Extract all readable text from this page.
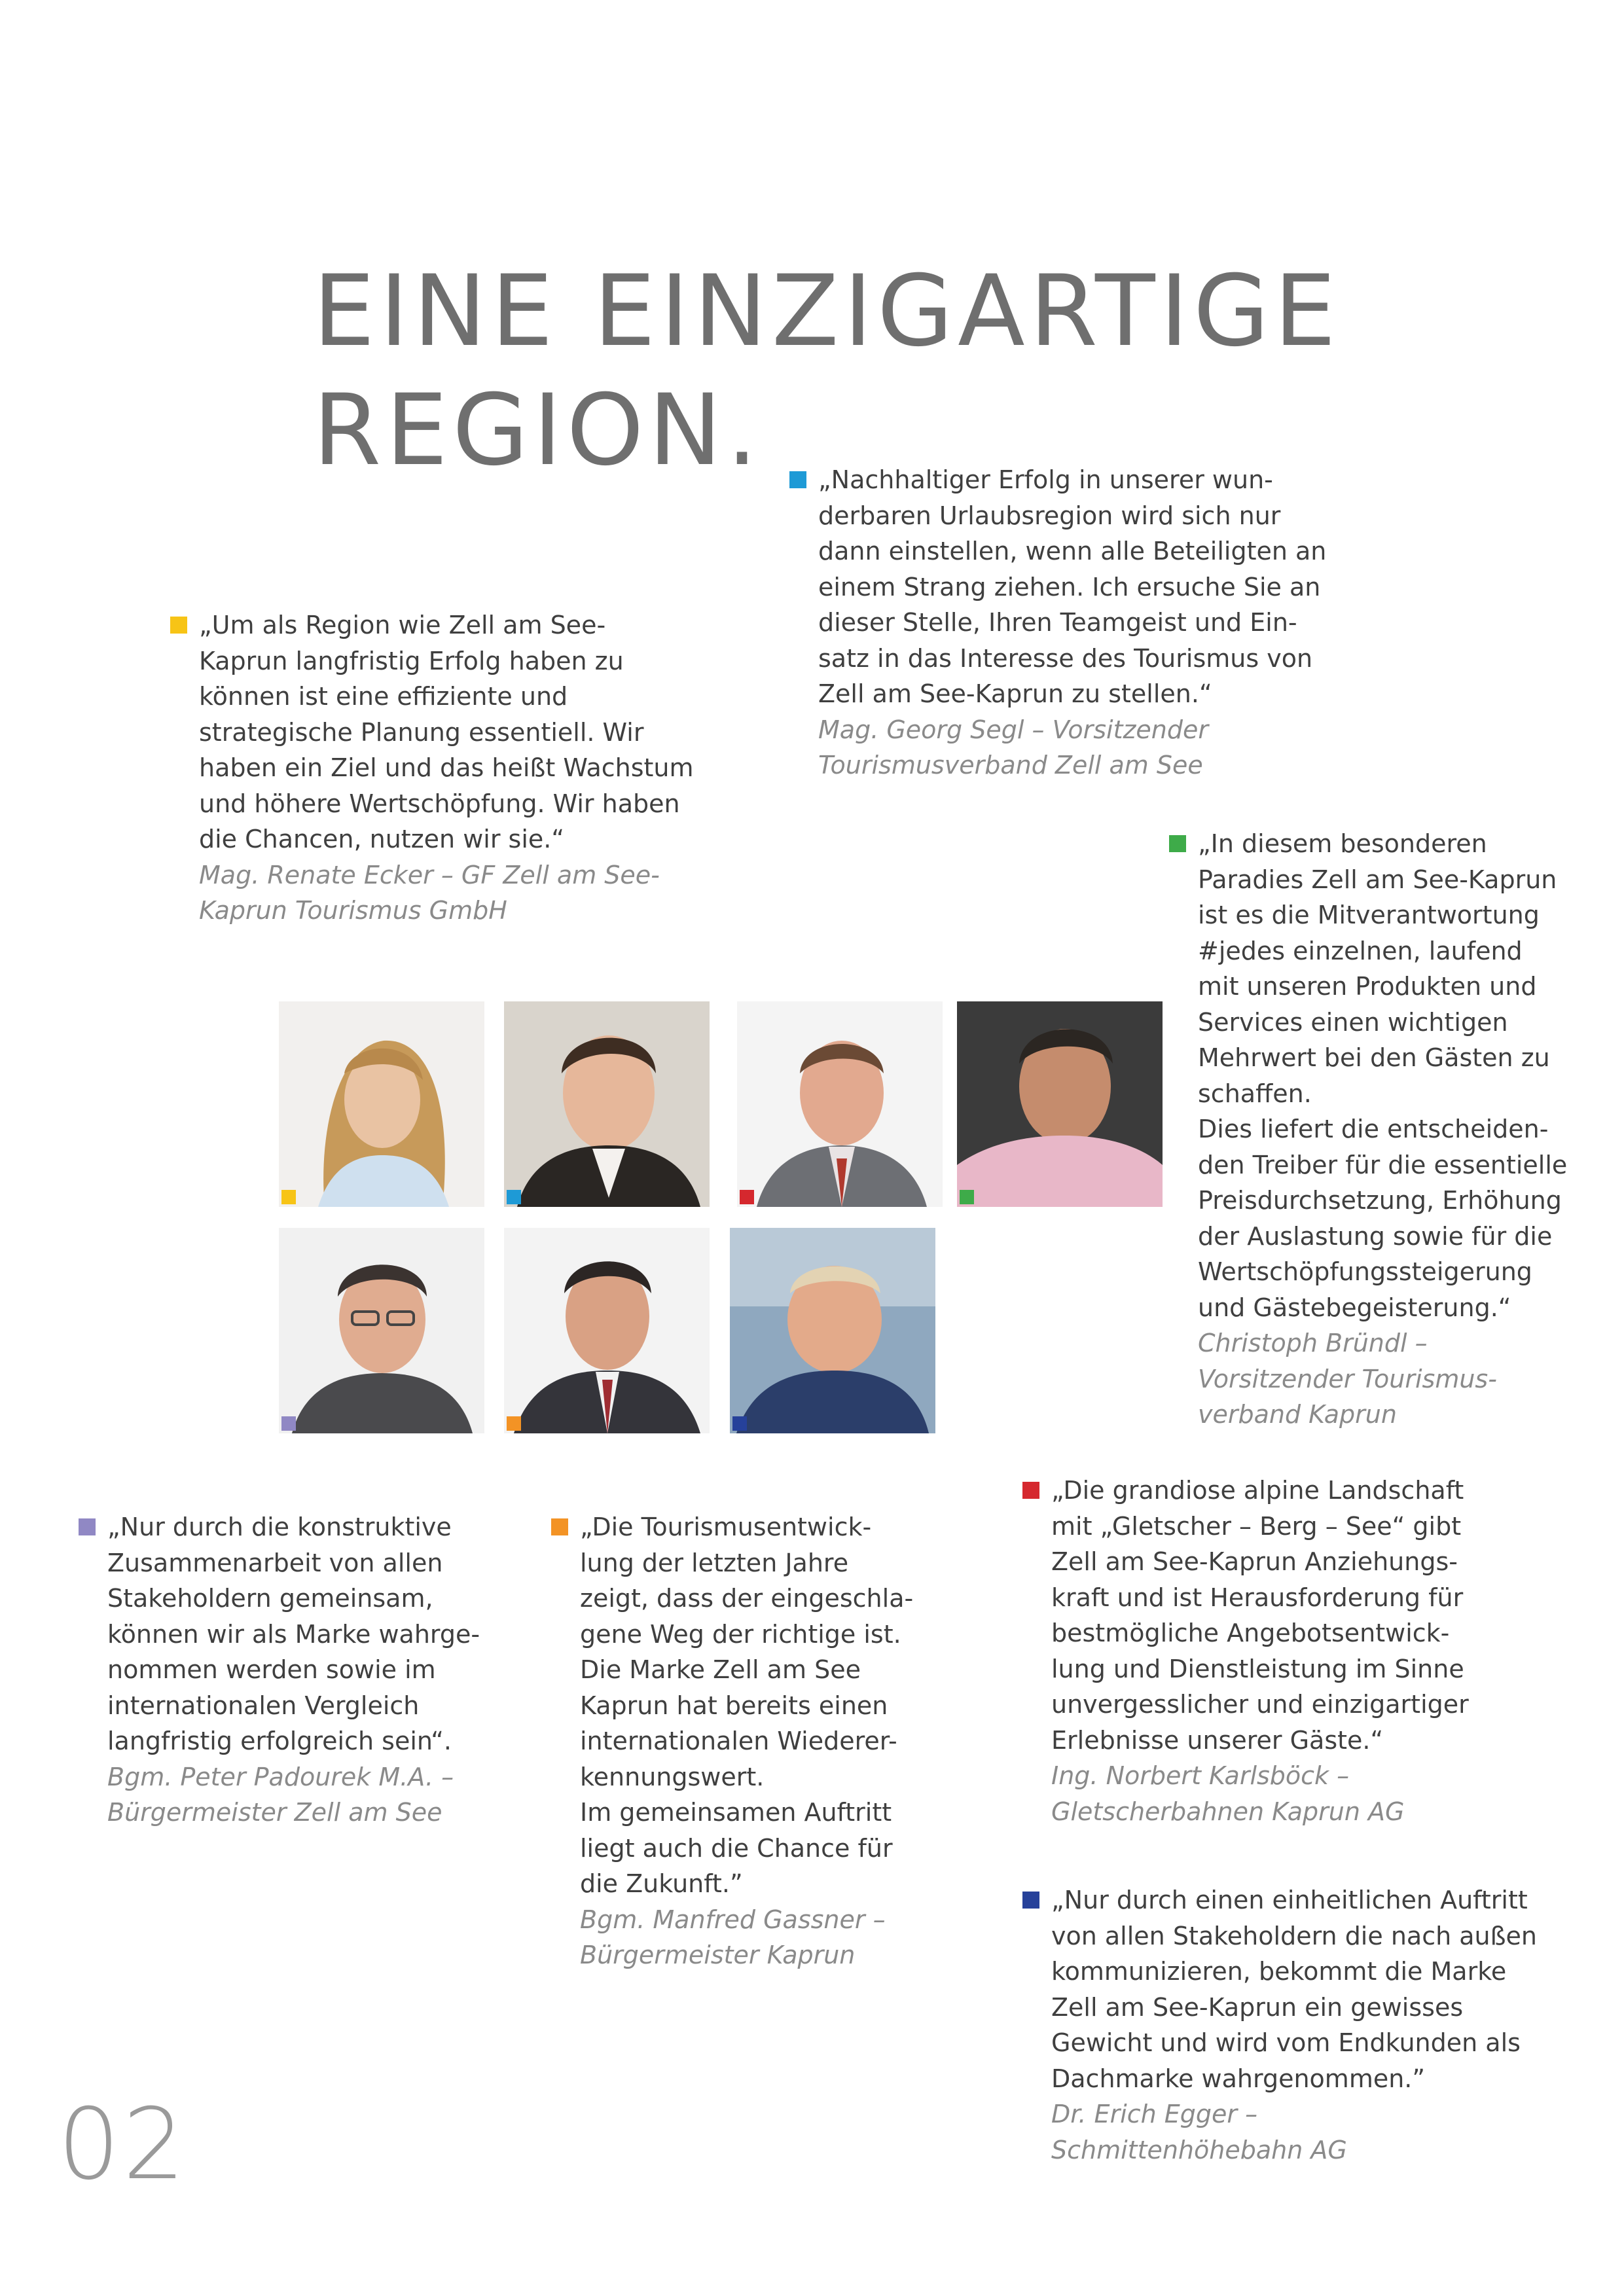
EINE EINZIGARTIGE
REGION.
„Um als Region wie Zell am See-
Kaprun langfristig Erfolg haben zu
können ist eine effiziente und
strategische Planung essentiell. Wir
haben ein Ziel und das heißt Wachstum
und höhere Wertschöpfung. Wir haben
die Chancen, nutzen wir sie.“
Mag. Renate Ecker – GF Zell am See-
Kaprun Tourismus GmbH
„Nachhaltiger Erfolg in unserer wun-
derbaren Urlaubsregion wird sich nur
dann einstellen, wenn alle Beteiligten an
einem Strang ziehen. Ich ersuche Sie an
dieser Stelle, Ihren Teamgeist und Ein-
satz in das Interesse des Tourismus von
Zell am See-Kaprun zu stellen.“
Mag. Georg Segl – Vorsitzender
Tourismusverband Zell am See
„In diesem besonderen
Paradies Zell am See-Kaprun
ist es die Mitverantwortung
#jedes einzelnen, laufend
mit unseren Produkten und
Services einen wichtigen
Mehrwert bei den Gästen zu
schaffen.
Dies liefert die entscheiden-
den Treiber für die essentielle
Preisdurchsetzung, Erhöhung
der Auslastung sowie für die
Wertschöpfungssteigerung
und Gästebegeisterung.“
Christoph Bründl –
Vorsitzender Tourismus-
verband Kaprun
„Nur durch die konstruktive
Zusammenarbeit von allen
Stakeholdern gemeinsam,
können wir als Marke wahrge-
nommen werden sowie im
internationalen Vergleich
langfristig erfolgreich sein“.
Bgm. Peter Padourek M.A. –
Bürgermeister Zell am See
„Die Tourismusentwick-
lung der letzten Jahre
zeigt, dass der eingeschla-
gene Weg der richtige ist.
Die Marke Zell am See
Kaprun hat bereits einen
internationalen Wiederer-
kennungswert.
Im gemeinsamen Auftritt
liegt auch die Chance für
die Zukunft.”
Bgm. Manfred Gassner –
Bürgermeister Kaprun
„Die grandiose alpine Landschaft
mit „Gletscher – Berg – See“ gibt
Zell am See-Kaprun Anziehungs-
kraft und ist Herausforderung für
bestmögliche Angebotsentwick-
lung und Dienstleistung im Sinne
unvergesslicher und einzigartiger
Erlebnisse unserer Gäste.“
Ing. Norbert Karlsböck –
Gletscherbahnen Kaprun AG
„Nur durch einen einheitlichen Auftritt
von allen Stakeholdern die nach außen
kommunizieren, bekommt die Marke
Zell am See-Kaprun ein gewisses
Gewicht und wird vom Endkunden als
Dachmarke wahrgenommen.”
Dr. Erich Egger –
Schmittenhöhebahn AG
02
